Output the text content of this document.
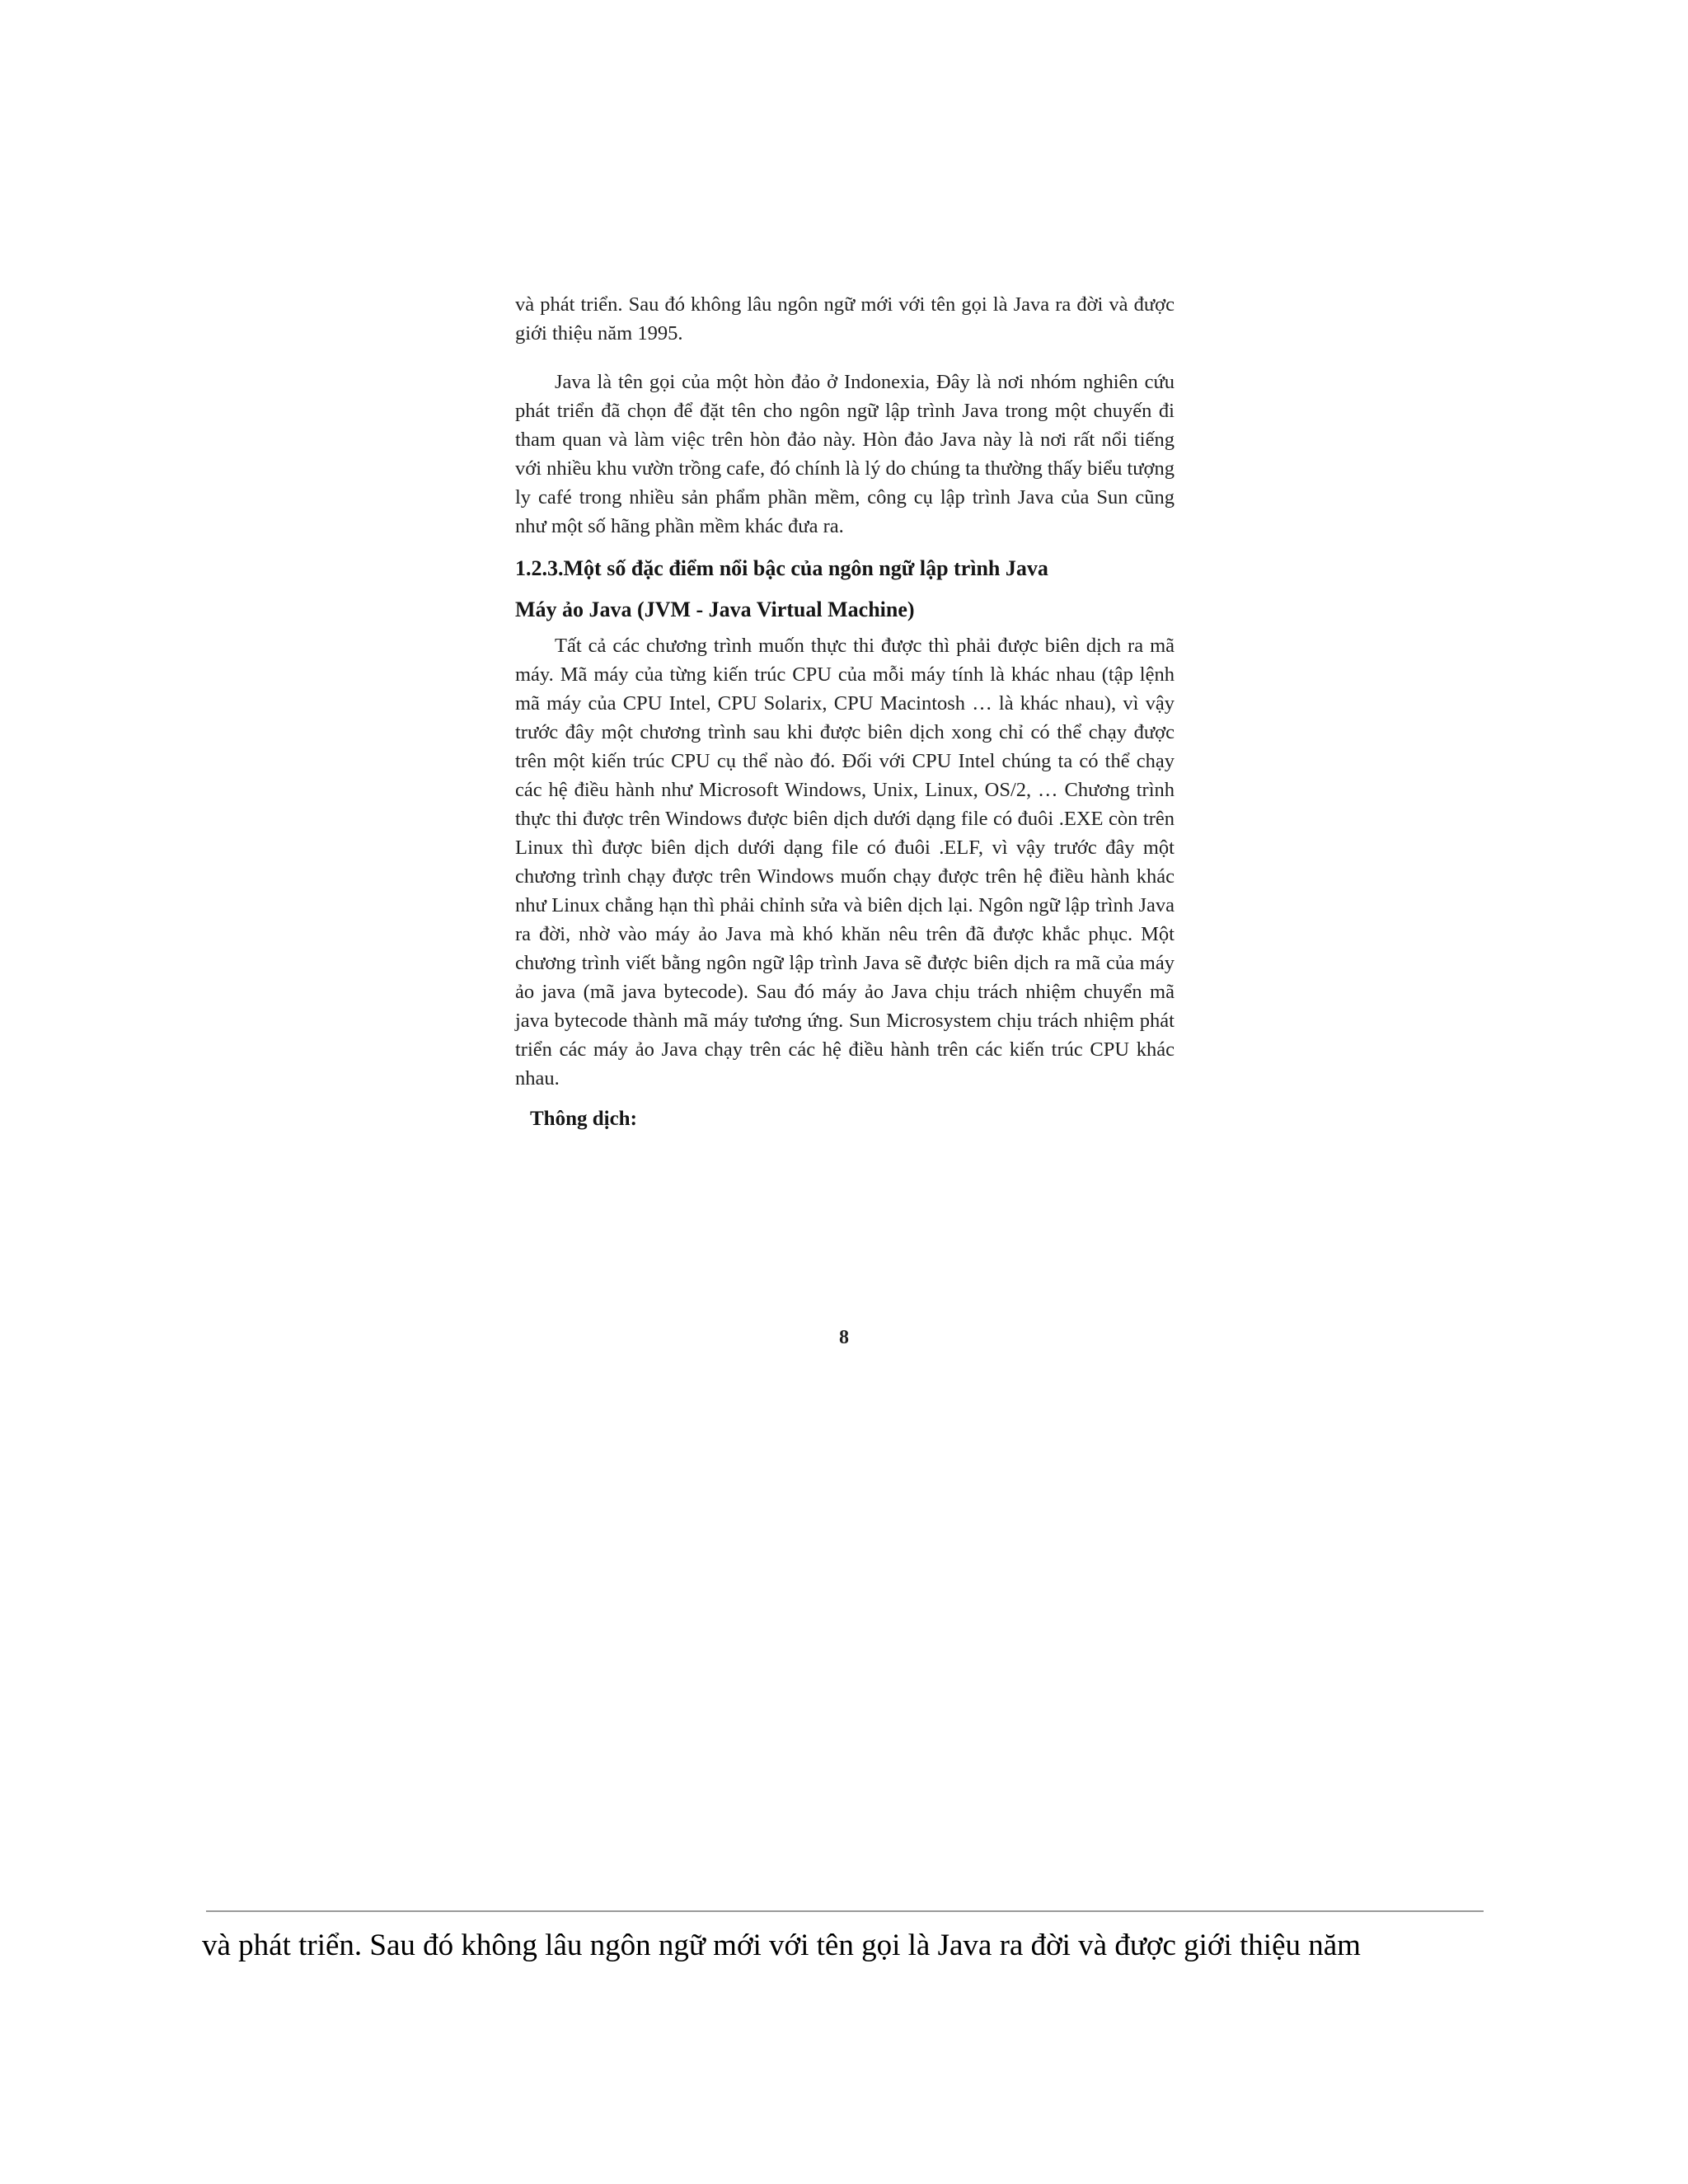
và phát triển. Sau đó không lâu ngôn ngữ mới với tên gọi là Java ra đời và được giới thiệu năm 1995.

Java là tên gọi của một hòn đảo ở Indonexia, Đây là nơi nhóm nghiên cứu phát triển đã chọn để đặt tên cho ngôn ngữ lập trình Java trong một chuyến đi tham quan và làm việc trên hòn đảo này. Hòn đảo Java này là nơi rất nổi tiếng với nhiều khu vườn trồng cafe, đó chính là lý do chúng ta thường thấy biểu tượng ly café trong nhiều sản phẩm phần mềm, công cụ lập trình Java của Sun cũng như một số hãng phần mềm khác đưa ra.

1.2.3.Một số đặc điểm nổi bậc của ngôn ngữ lập trình Java
Máy ảo Java (JVM - Java Virtual Machine)

Tất cả các chương trình muốn thực thi được thì phải được biên dịch ra mã máy. Mã máy của từng kiến trúc CPU của mỗi máy tính là khác nhau (tập lệnh mã máy của CPU Intel, CPU Solarix, CPU Macintosh … là khác nhau), vì vậy trước đây một chương trình sau khi được biên dịch xong chỉ có thể chạy được trên một kiến trúc CPU cụ thể nào đó. Đối với CPU Intel chúng ta có thể chạy các hệ điều hành như Microsoft Windows, Unix, Linux, OS/2, … Chương trình thực thi được trên Windows được biên dịch dưới dạng file có đuôi .EXE còn trên Linux thì được biên dịch dưới dạng file có đuôi .ELF, vì vậy trước đây một chương trình chạy được trên Windows muốn chạy được trên hệ điều hành khác như Linux chẳng hạn thì phải chỉnh sửa và biên dịch lại. Ngôn ngữ lập trình Java ra đời, nhờ vào máy ảo Java mà khó khăn nêu trên đã được khắc phục. Một chương trình viết bằng ngôn ngữ lập trình Java sẽ được biên dịch ra mã của máy ảo java (mã java bytecode). Sau đó máy ảo Java chịu trách nhiệm chuyển mã java bytecode thành mã máy tương ứng. Sun Microsystem chịu trách nhiệm phát triển các máy ảo Java chạy trên các hệ điều hành trên các kiến trúc CPU khác nhau.

Thông dịch:
8
và phát triển. Sau đó không lâu ngôn ngữ mới với tên gọi là Java ra đời và được giới thiệu năm
